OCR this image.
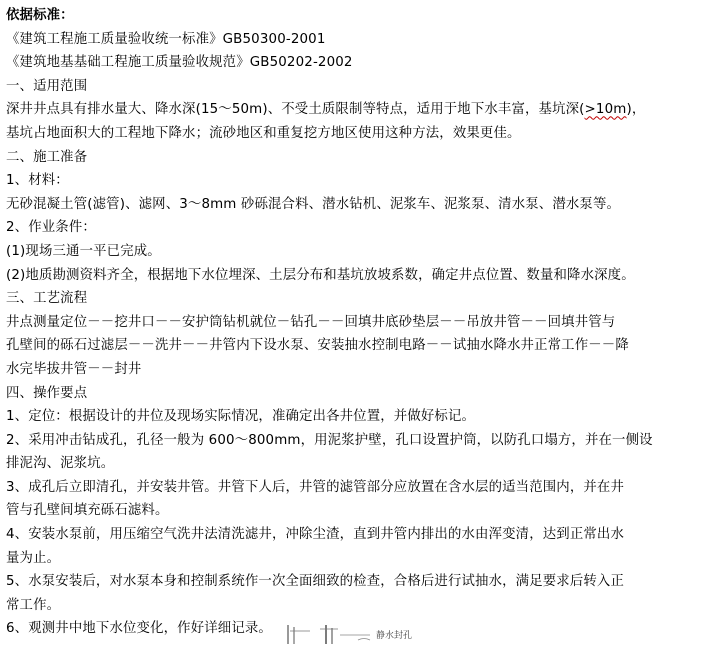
依据标准：
《建筑工程施工质量验收统一标准》GB50300-2001
《建筑地基基础工程施工质量验收规范》GB50202-2002
一、适用范围
深井井点具有排水量大、降水深(15～50m)、不受土质限制等特点，适用于地下水丰富，基坑深(>10m)，
基坑占地面积大的工程地下降水；流砂地区和重复挖方地区使用这种方法，效果更佳。
二、施工准备
1、材料：
无砂混凝土管(滤管)、滤网、3～8mm 砂砾混合料、潜水钻机、泥浆车、泥浆泵、清水泵、潜水泵等。
2、作业条件：
(1)现场三通一平已完成。
(2)地质勘测资料齐全，根据地下水位埋深、土层分布和基坑放坡系数，确定井点位置、数量和降水深度。
三、工艺流程
井点测量定位－－挖井口－－安护筒钻机就位－钻孔－－回填井底砂垫层－－吊放井管－－回填井管与
孔壁间的砾石过滤层－－洗井－－井管内下设水泵、安装抽水控制电路－－试抽水降水井正常工作－－降
水完毕拔井管－－封井
四、操作要点
1、定位：根据设计的井位及现场实际情况，准确定出各井位置，并做好标记。
2、采用冲击钻成孔，孔径一般为 600～800mm，用泥浆护壁，孔口设置护筒，以防孔口塌方，并在一侧设
排泥沟、泥浆坑。
3、成孔后立即清孔，并安装井管。井管下人后，井管的滤管部分应放置在含水层的适当范围内，并在井
管与孔壁间填充砾石滤料。
4、安装水泵前，用压缩空气洗井法清洗滤井，冲除尘渣，直到井管内排出的水由浑变清，达到正常出水
量为止。
5、水泵安装后，对水泵本身和控制系统作一次全面细致的检查，合格后进行试抽水，满足要求后转入正
常工作。
6、观测井中地下水位变化，作好详细记录。	静水封孔
